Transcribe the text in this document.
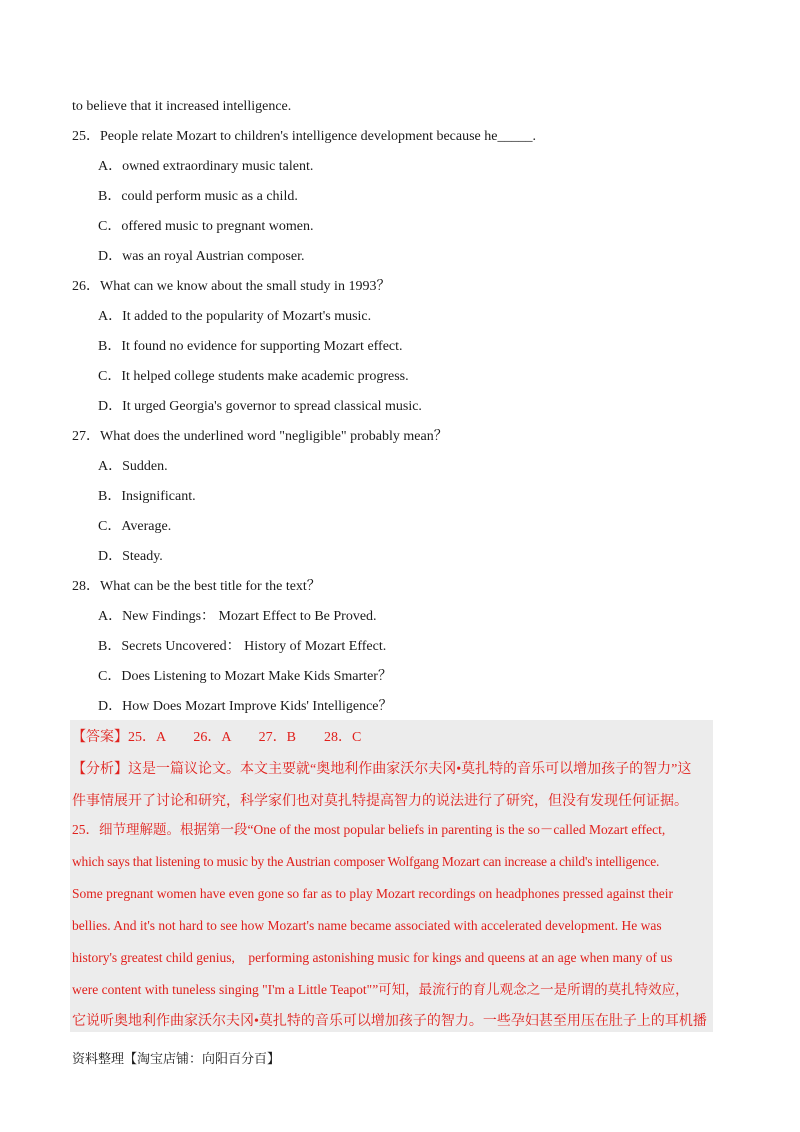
to believe that it increased intelligence.
25．People relate Mozart to children's intelligence development because he_____.
A．owned extraordinary music talent.
B．could perform music as a child.
C．offered music to pregnant women.
D．was an royal Austrian composer.
26．What can we know about the small study in 1993？
A．It added to the popularity of Mozart's music.
B．It found no evidence for supporting Mozart effect.
C．It helped college students make academic progress.
D．It urged Georgia's governor to spread classical music.
27．What does the underlined word "negligible" probably mean？
A．Sudden.
B．Insignificant.
C．Average.
D．Steady.
28．What can be the best title for the text？
A．New Findings： Mozart Effect to Be Proved.
B．Secrets Uncovered： History of Mozart Effect.
C．Does Listening to Mozart Make Kids Smarter？
D．How Does Mozart Improve Kids' Intelligence？
【答案】25．A　　26．A　　27．B　　28．C
【分析】这是一篇议论文。本文主要就“奥地利作曲家沃尔夫冈•莫扎特的音乐可以增加孩子的智力”这
件事情展开了讨论和研究，科学家们也对莫扎特提高智力的说法进行了研究，但没有发现任何证据。
25．细节理解题。根据第一段“One of the most popular beliefs in parenting is the so－called Mozart effect,
which says that listening to music by the Austrian composer Wolfgang Mozart can increase a child's intelligence.
Some pregnant women have even gone so far as to play Mozart recordings on headphones pressed against their
bellies. And it's not hard to see how Mozart's name became associated with accelerated development. He was
history's greatest child genius,　performing astonishing music for kings and queens at an age when many of us
were content with tuneless singing "I'm a Little Teapot"”可知，最流行的育儿观念之一是所谓的莫扎特效应，
它说听奥地利作曲家沃尔夫冈•莫扎特的音乐可以增加孩子的智力。一些孕妇甚至用压在肚子上的耳机播
资料整理【淘宝店铺：向阳百分百】
